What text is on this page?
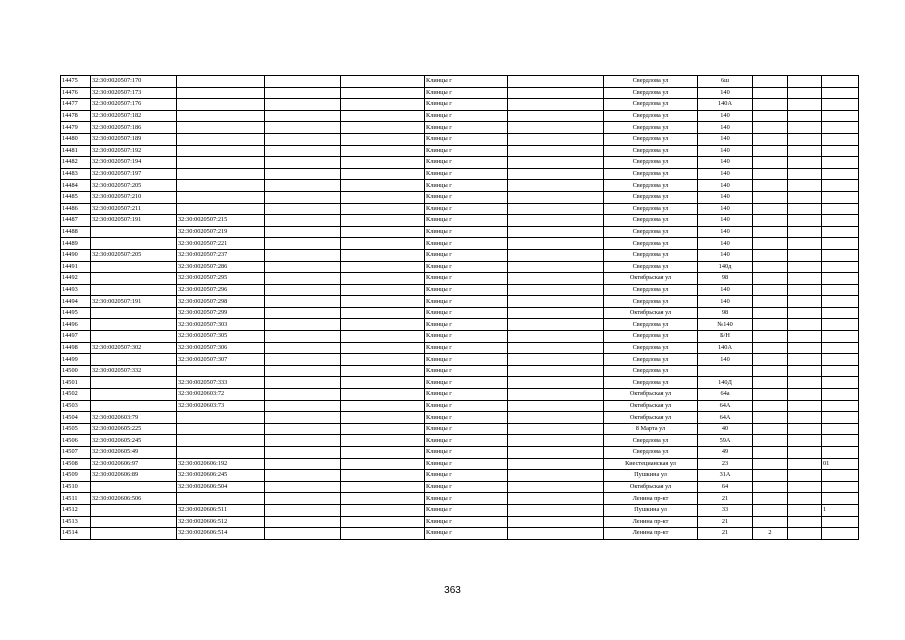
14475	32:30:0020507:170				Клинцы г		Свердлова ул	6ш			
14476	32:30:0020507:173				Клинцы г		Свердлова ул	140			
14477	32:30:0020507:176				Клинцы г		Свердлова ул	140А			
14478	32:30:0020507:182				Клинцы г		Свердлова ул	140			
14479	32:30:0020507:186				Клинцы г		Свердлова ул	140			
14480	32:30:0020507:189				Клинцы г		Свердлова ул	140			
14481	32:30:0020507:192				Клинцы г		Свердлова ул	140			
14482	32:30:0020507:194				Клинцы г		Свердлова ул	140			
14483	32:30:0020507:197				Клинцы г		Свердлова ул	140			
14484	32:30:0020507:205				Клинцы г		Свердлова ул	140			
14485	32:30:0020507:210				Клинцы г		Свердлова ул	140			
14486	32:30:0020507:211				Клинцы г		Свердлова ул	140			
14487	32:30:0020507:191	32:30:0020507:215			Клинцы г		Свердлова ул	140			
14488		32:30:0020507:219			Клинцы г		Свердлова ул	140			
14489		32:30:0020507:221			Клинцы г		Свердлова ул	140			
14490	32:30:0020507:205	32:30:0020507:237			Клинцы г		Свердлова ул	140			
14491		32:30:0020507:286			Клинцы г		Свердлова ул	140д			
14492		32:30:0020507:295			Клинцы г		Октябрьская ул	98			
14493		32:30:0020507:296			Клинцы г		Свердлова ул	140			
14494	32:30:0020507:191	32:30:0020507:298			Клинцы г		Свердлова ул	140			
14495		32:30:0020507:299			Клинцы г		Октябрьская ул	98			
14496		32:30:0020507:303			Клинцы г		Свердлова ул	№140			
14497		32:30:0020507:305			Клинцы г		Свердлова ул	Б/Н			
14498	32:30:0020507:302	32:30:0020507:306			Клинцы г		Свердлова ул	140А			
14499		32:30:0020507:307			Клинцы г		Свердлова ул	140			
14500	32:30:0020507:332				Клинцы г		Свердлова ул				
14501		32:30:0020507:333			Клинцы г		Свердлова ул	140Д			
14502		32:30:0020603:72			Клинцы г		Октябрьская ул	64а			
14503		32:30:0020603:73			Клинцы г		Октябрьская ул	64А			
14504	32:30:0020603:79				Клинцы г		Октябрьская ул	64А			
14505	32:30:0020605:225				Клинцы г		8 Марта ул	40			
14506	32:30:0020605:245				Клинцы г		Свердлова ул	59А			
14507	32:30:0020605:49				Клинцы г		Свердлова ул	49			
14508	32:30:0020606:97	32:30:0020606:192			Клинцы г		Киестецианская ул	23			01
14509	32:30:0020606:89	32:30:0020606:245			Клинцы г		Пушкина ул	31А			
14510		32:30:0020606:504			Клинцы г		Октябрьская ул	64			
14511	32:30:0020606:506				Клинцы г		Ленина пр-кт	21			
14512		32:30:0020606:511			Клинцы г		Пушкина ул	33			1
14513		32:30:0020606:512			Клинцы г		Ленина пр-кт	21			
14514		32:30:0020606:514			Клинцы г		Ленина пр-кт	21	2		
363
